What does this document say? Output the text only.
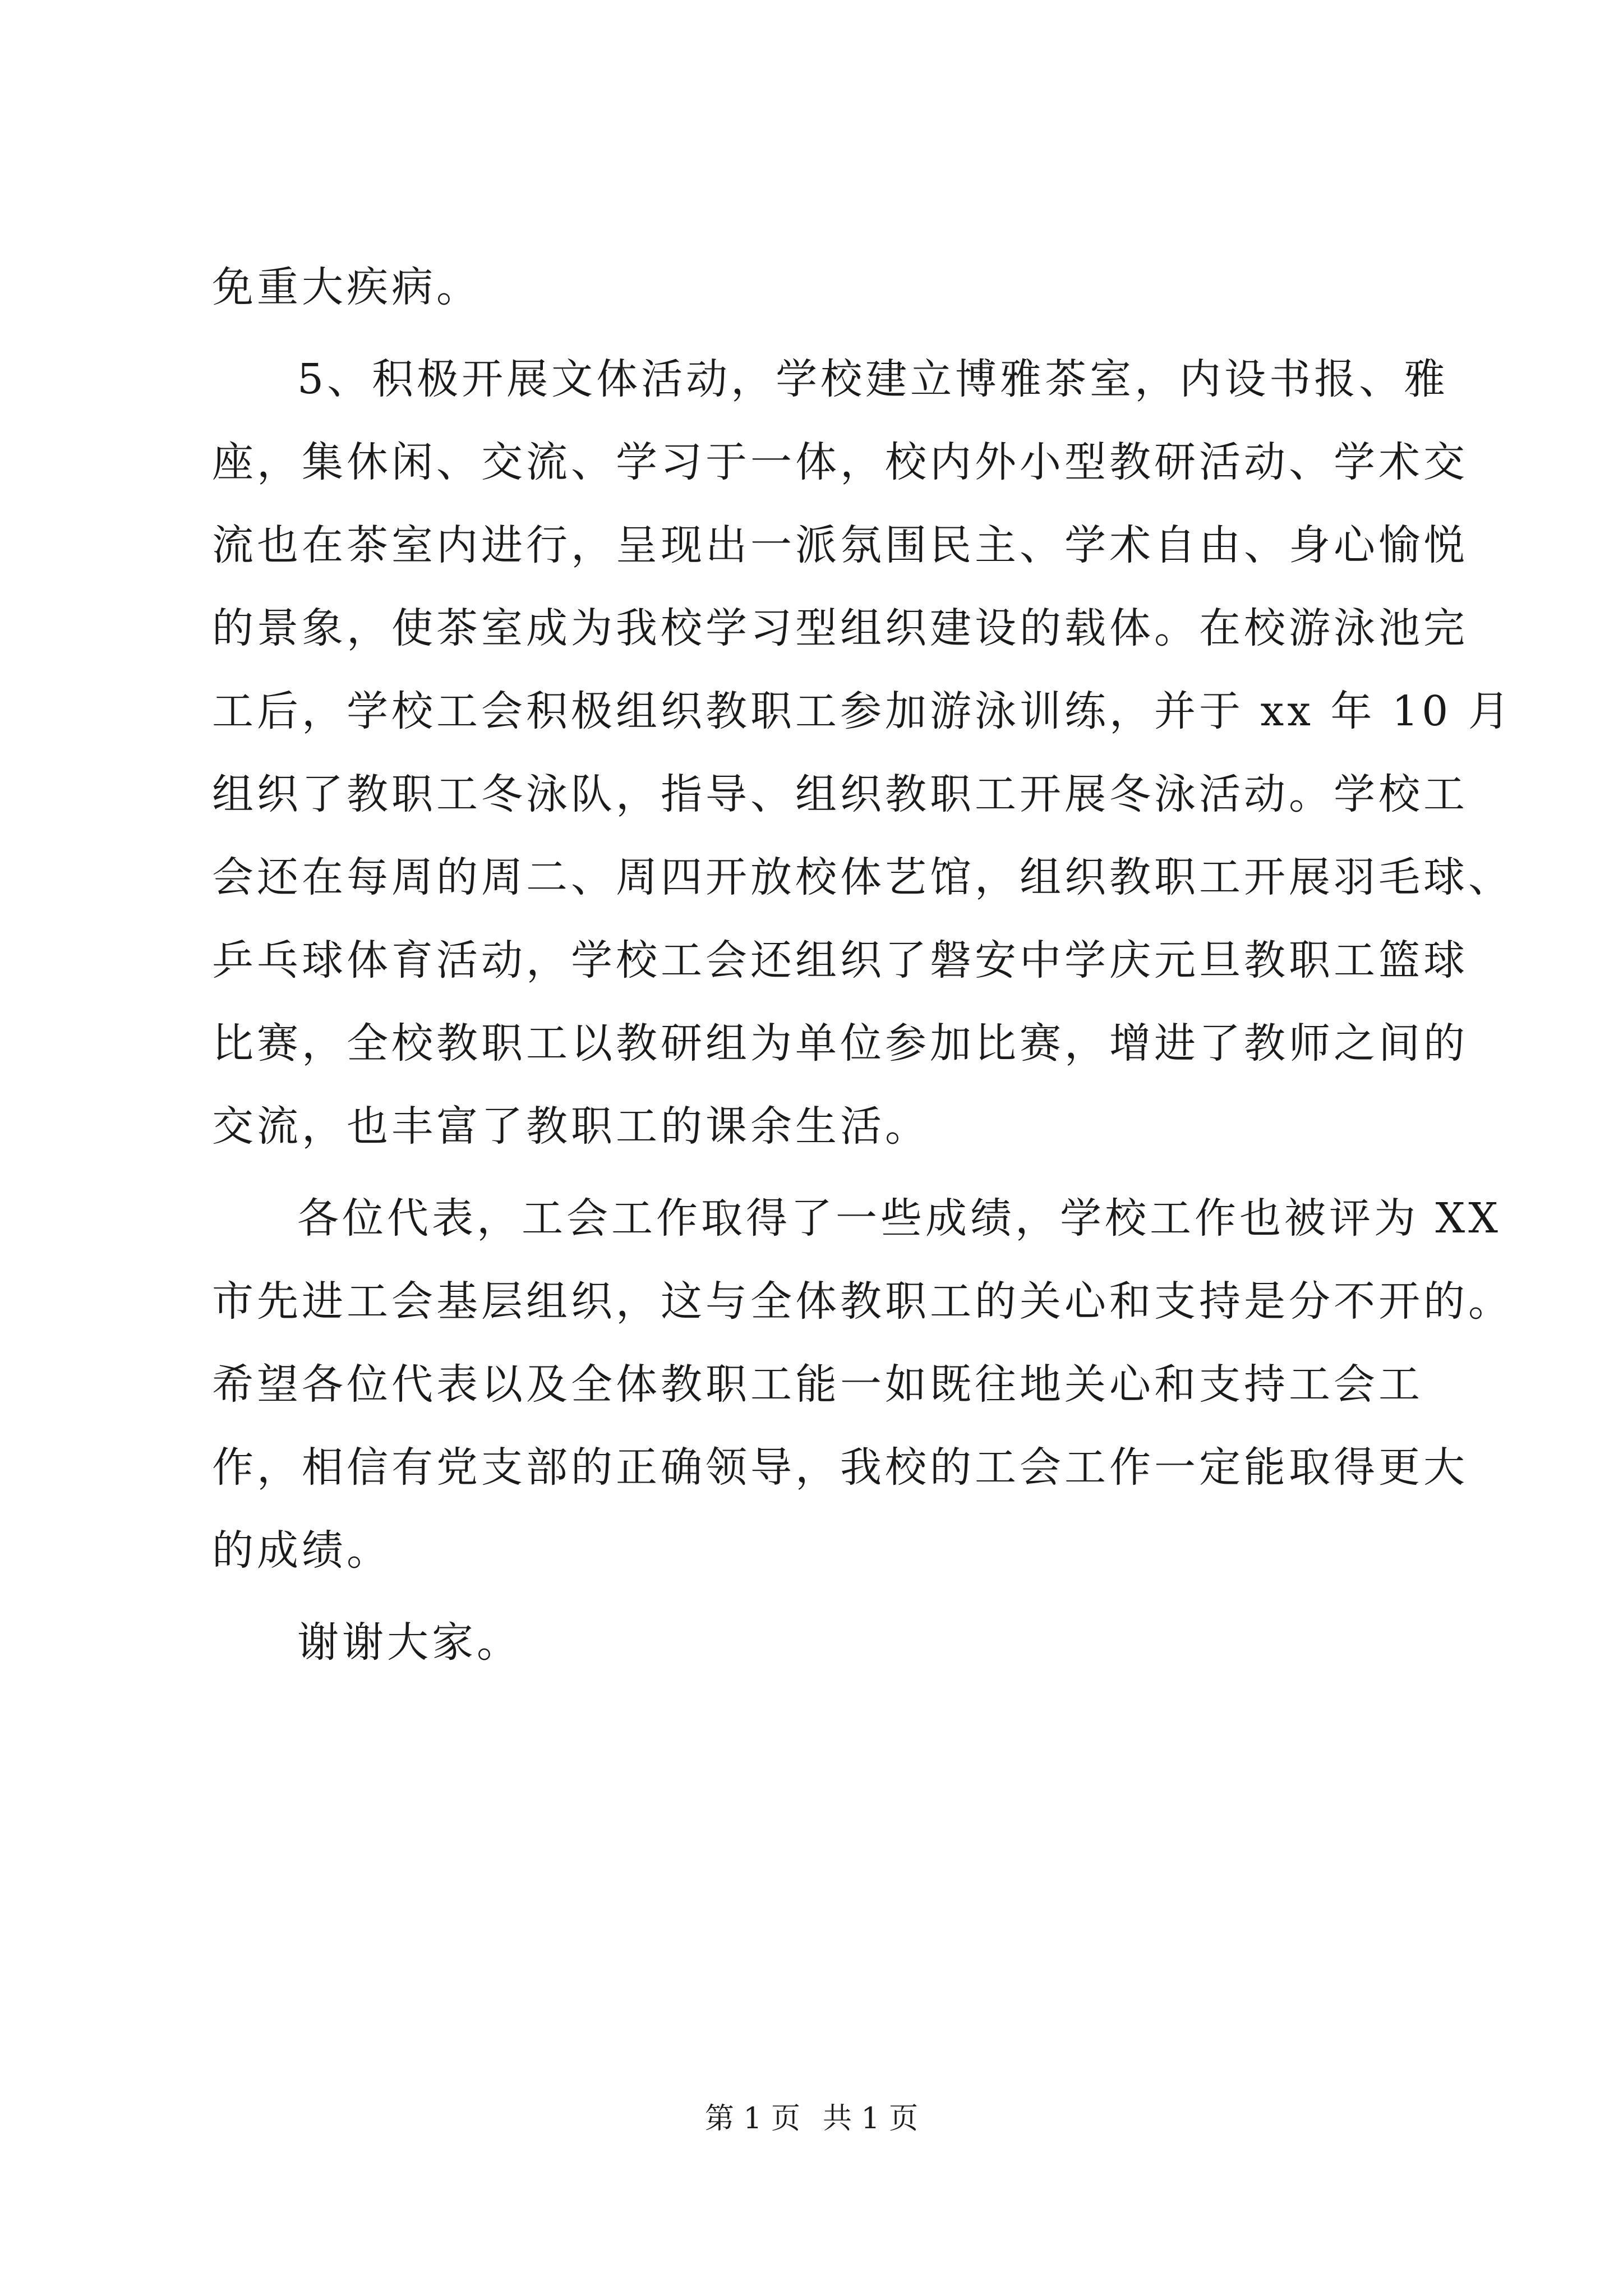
免重大疾病。
5、积极开展文体活动，学校建立博雅茶室，内设书报、雅
座，集休闲、交流、学习于一体，校内外小型教研活动、学术交
流也在茶室内进行，呈现出一派氛围民主、学术自由、身心愉悦
的景象，使茶室成为我校学习型组织建设的载体。在校游泳池完
工后，学校工会积极组织教职工参加游泳训练，并于 xx 年 10 月
组织了教职工冬泳队，指导、组织教职工开展冬泳活动。学校工
会还在每周的周二、周四开放校体艺馆，组织教职工开展羽毛球、
乒乓球体育活动，学校工会还组织了磐安中学庆元旦教职工篮球
比赛，全校教职工以教研组为单位参加比赛，增进了教师之间的
交流，也丰富了教职工的课余生活。
各位代表，工会工作取得了一些成绩，学校工作也被评为 XX
市先进工会基层组织，这与全体教职工的关心和支持是分不开的。
希望各位代表以及全体教职工能一如既往地关心和支持工会工
作，相信有党支部的正确领导，我校的工会工作一定能取得更大
的成绩。
谢谢大家。
第 1 页 共 1 页
